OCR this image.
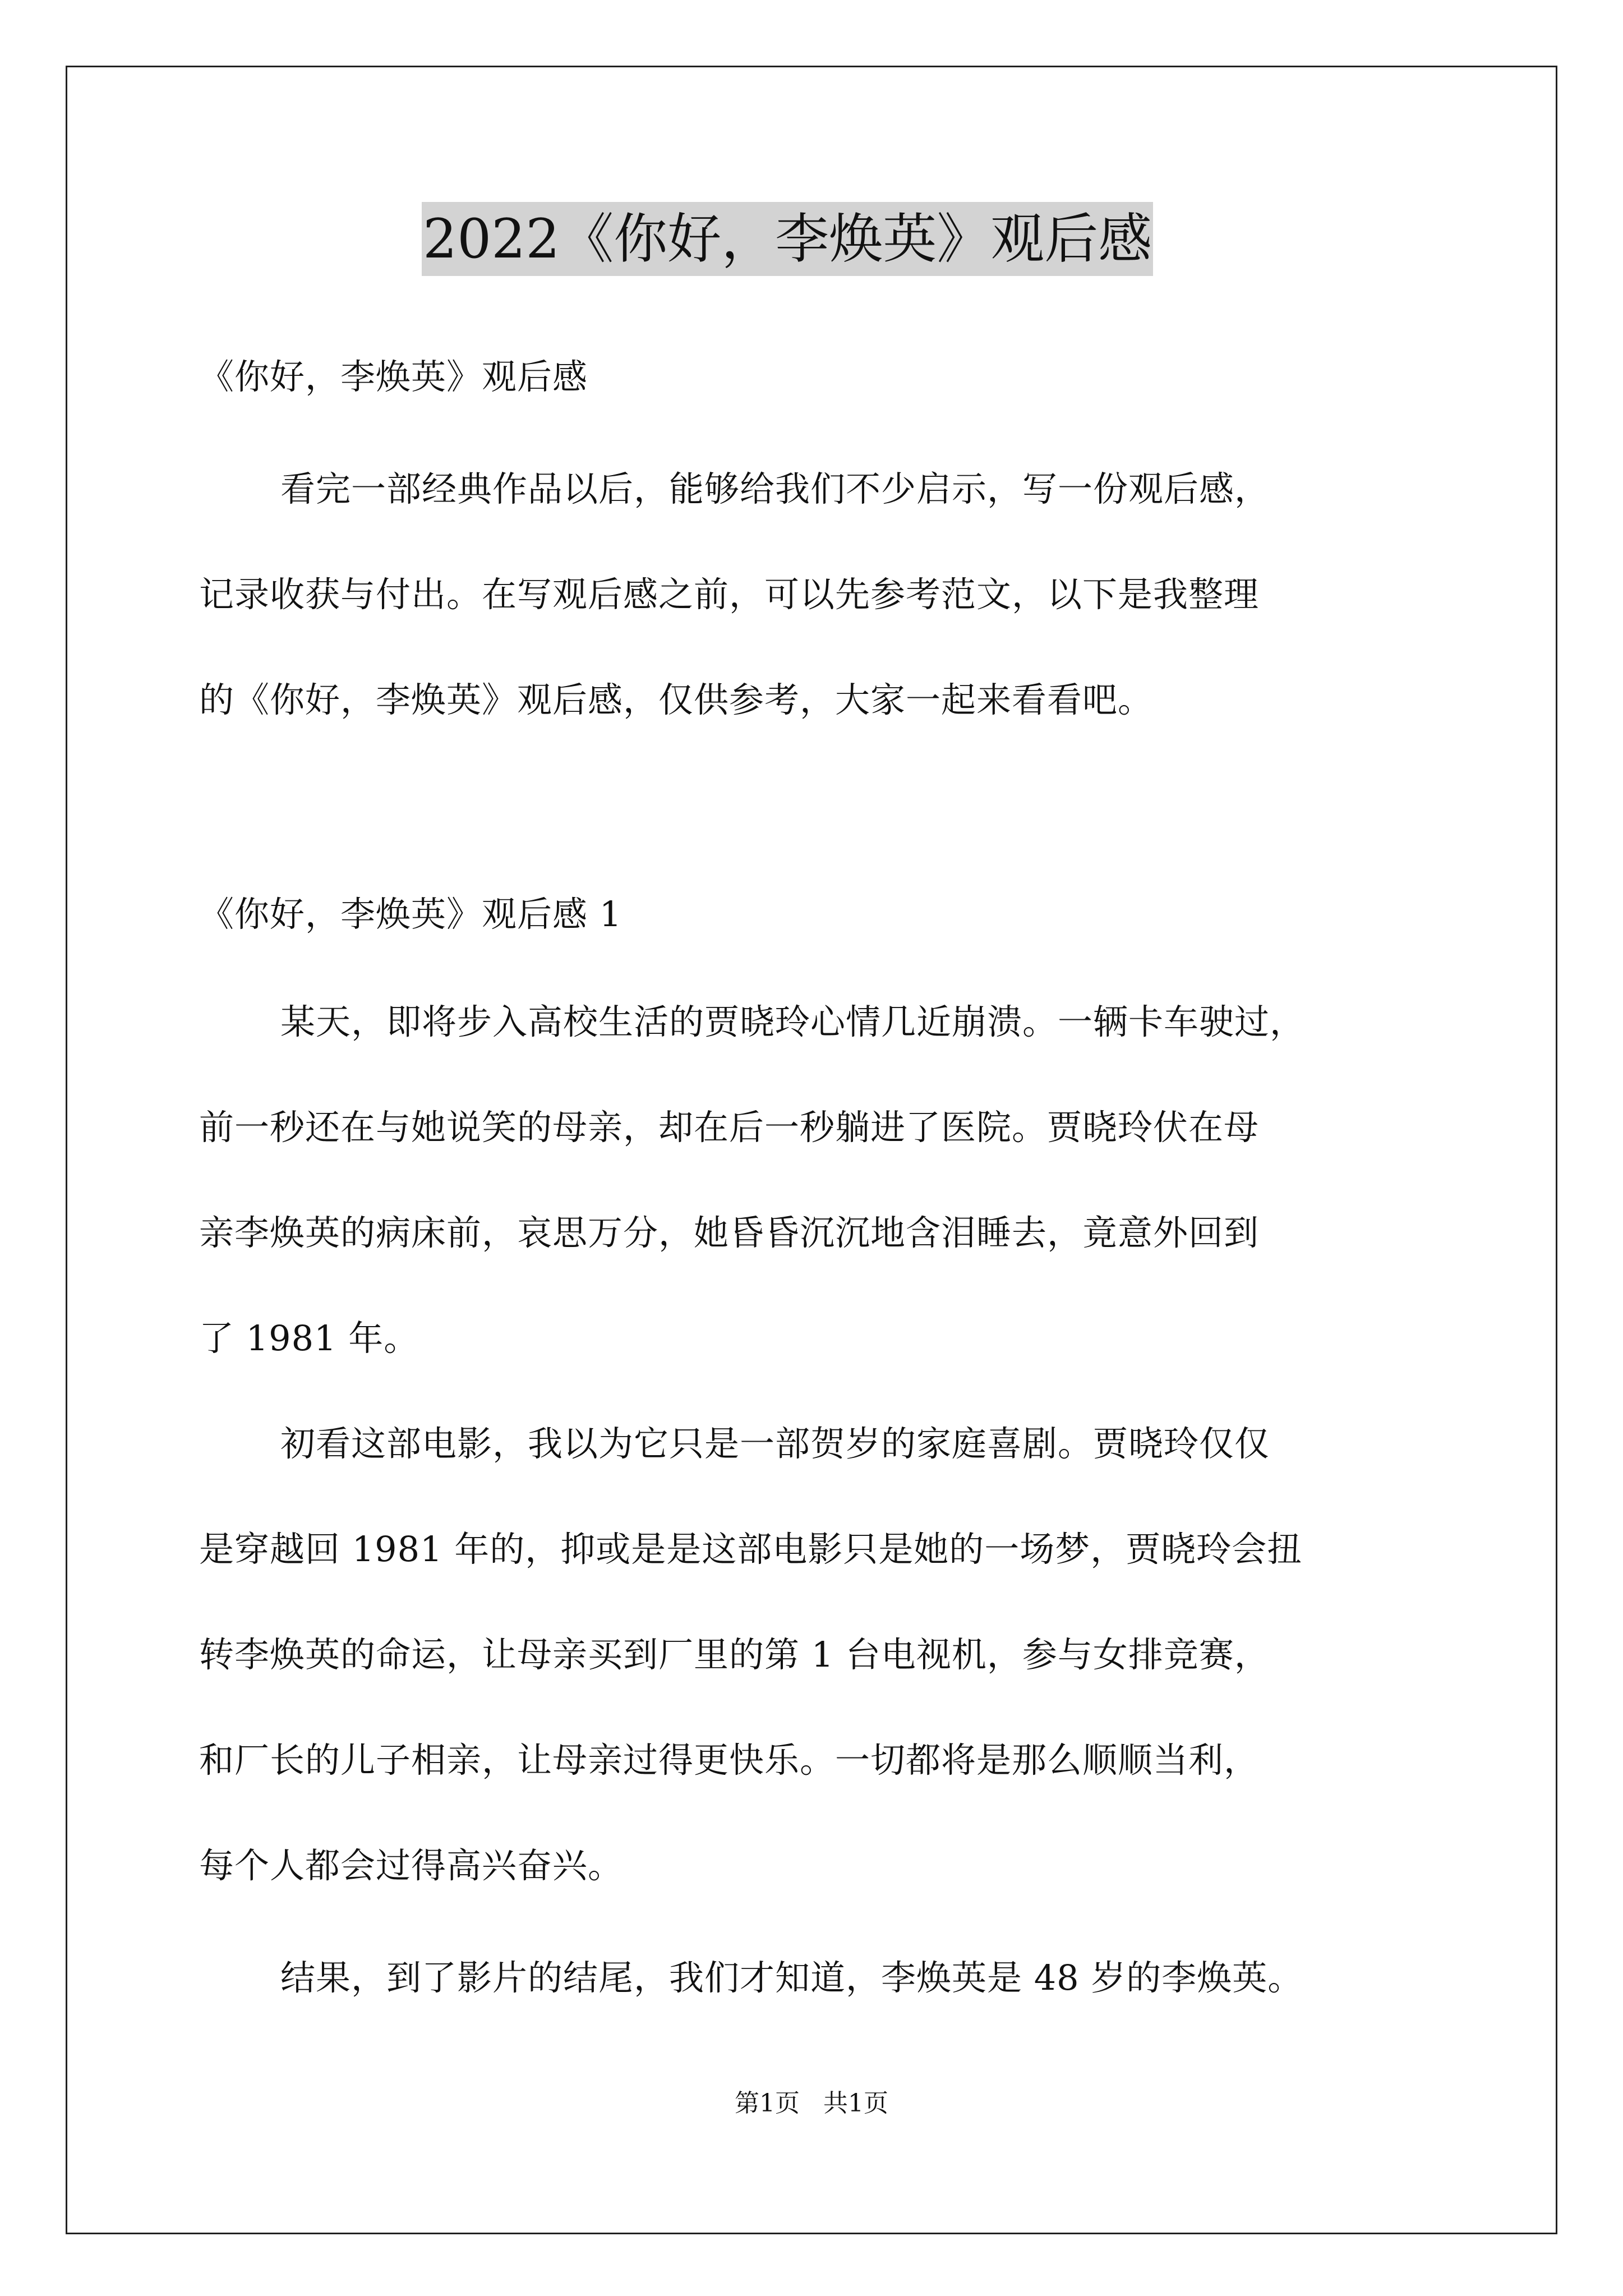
2022《你好，李焕英》观后感
《你好，李焕英》观后感
看完一部经典作品以后，能够给我们不少启示，写一份观后感，
记录收获与付出。在写观后感之前，可以先参考范文，以下是我整理
的《你好，李焕英》观后感，仅供参考，大家一起来看看吧。
《你好，李焕英》观后感 1
某天，即将步入高校生活的贾晓玲心情几近崩溃。一辆卡车驶过，
前一秒还在与她说笑的母亲，却在后一秒躺进了医院。贾晓玲伏在母
亲李焕英的病床前，哀思万分，她昏昏沉沉地含泪睡去，竟意外回到
了 1981 年。
初看这部电影，我以为它只是一部贺岁的家庭喜剧。贾晓玲仅仅
是穿越回 1981 年的，抑或是是这部电影只是她的一场梦，贾晓玲会扭
转李焕英的命运，让母亲买到厂里的第 1 台电视机，参与女排竞赛，
和厂长的儿子相亲，让母亲过得更快乐。一切都将是那么顺顺当利，
每个人都会过得高兴奋兴。
结果，到了影片的结尾，我们才知道，李焕英是 48 岁的李焕英。
第1页   共1页
